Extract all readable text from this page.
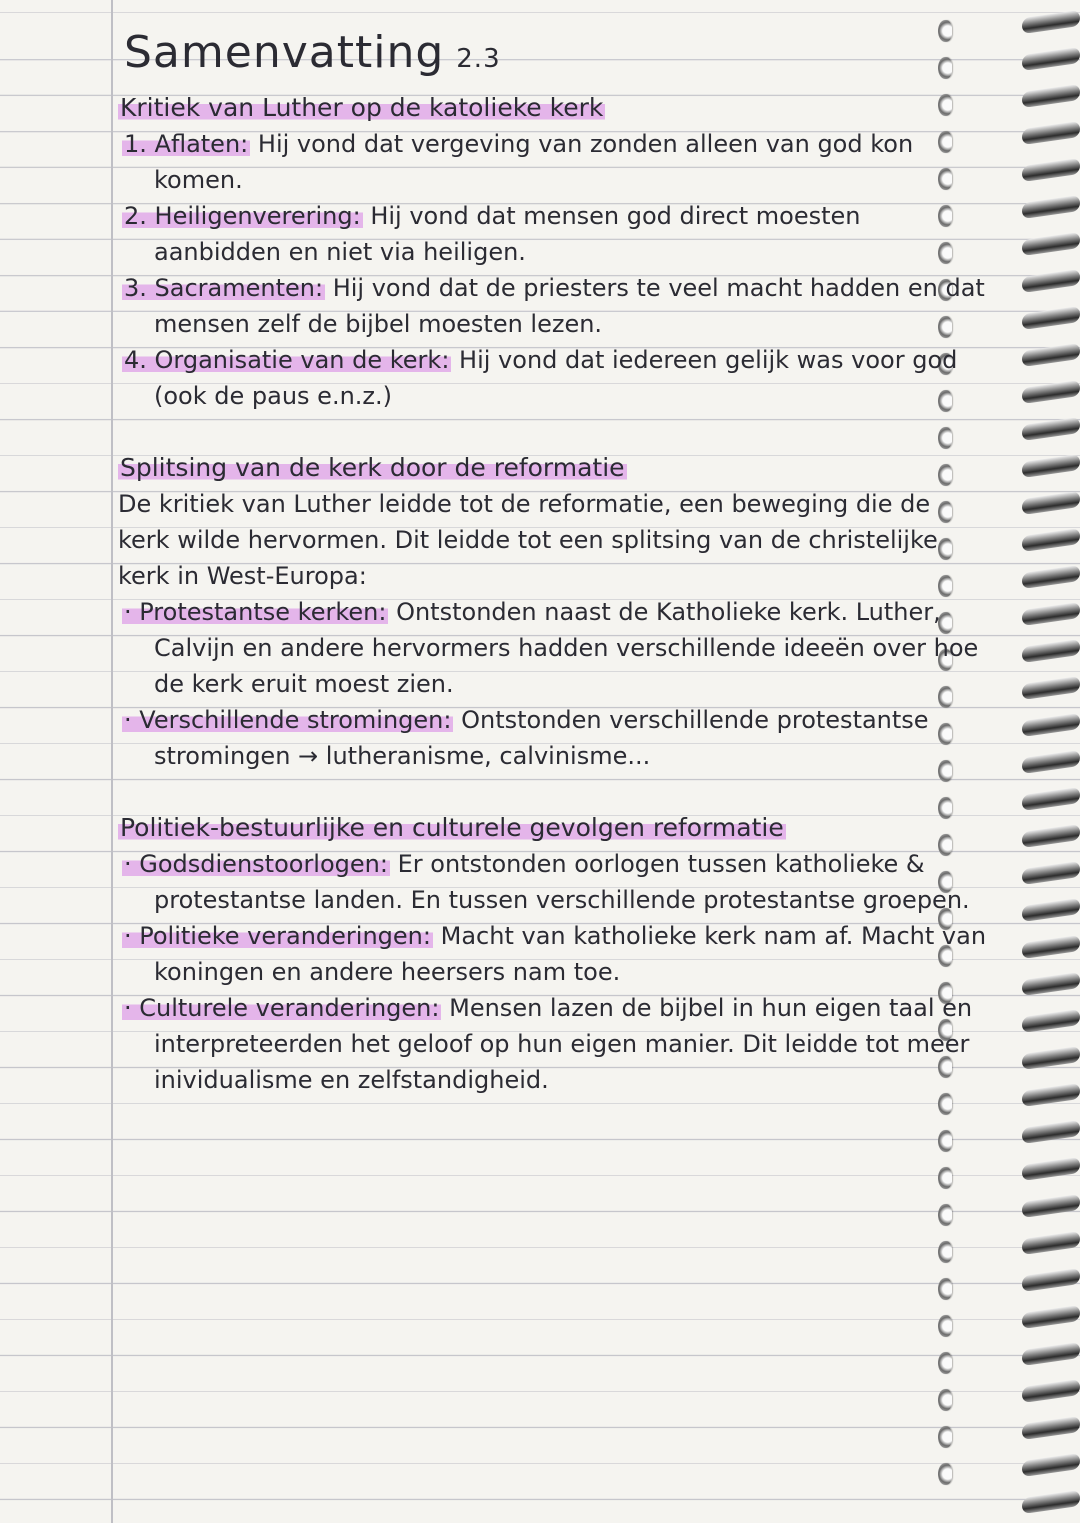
Samenvatting 2.3

Kritiek van Luther op de katolieke kerk

1. Aflaten: Hij vond dat vergeving van zonden alleen van god kon komen.

2. Heiligenverering: Hij vond dat mensen god direct moesten aanbidden en niet via heiligen.

3. Sacramenten: Hij vond dat de priesters te veel macht hadden en dat mensen zelf de bijbel moesten lezen.

4. Organisatie van de kerk: Hij vond dat iedereen gelijk was voor god (ook de paus e.n.z.)

Splitsing van de kerk door de reformatie

De kritiek van Luther leidde tot de reformatie, een beweging die de kerk wilde hervormen. Dit leidde tot een splitsing van de christelijke kerk in West-Europa:

· Protestantse kerken: Ontstonden naast de Katholieke kerk. Luther, Calvijn en andere hervormers hadden verschillende ideeën over hoe de kerk eruit moest zien.

· Verschillende stromingen: Ontstonden verschillende protestantse stromingen → lutheranisme, calvinisme...

Politiek-bestuurlijke en culturele gevolgen reformatie

· Godsdienstoorlogen: Er ontstonden oorlogen tussen katholieke & protestantse landen. En tussen verschillende protestantse groepen.

· Politieke veranderingen: Macht van katholieke kerk nam af. Macht van koningen en andere heersers nam toe.

· Culturele veranderingen: Mensen lazen de bijbel in hun eigen taal en interpreteerden het geloof op hun eigen manier. Dit leidde tot meer inividualisme en zelfstandigheid.
